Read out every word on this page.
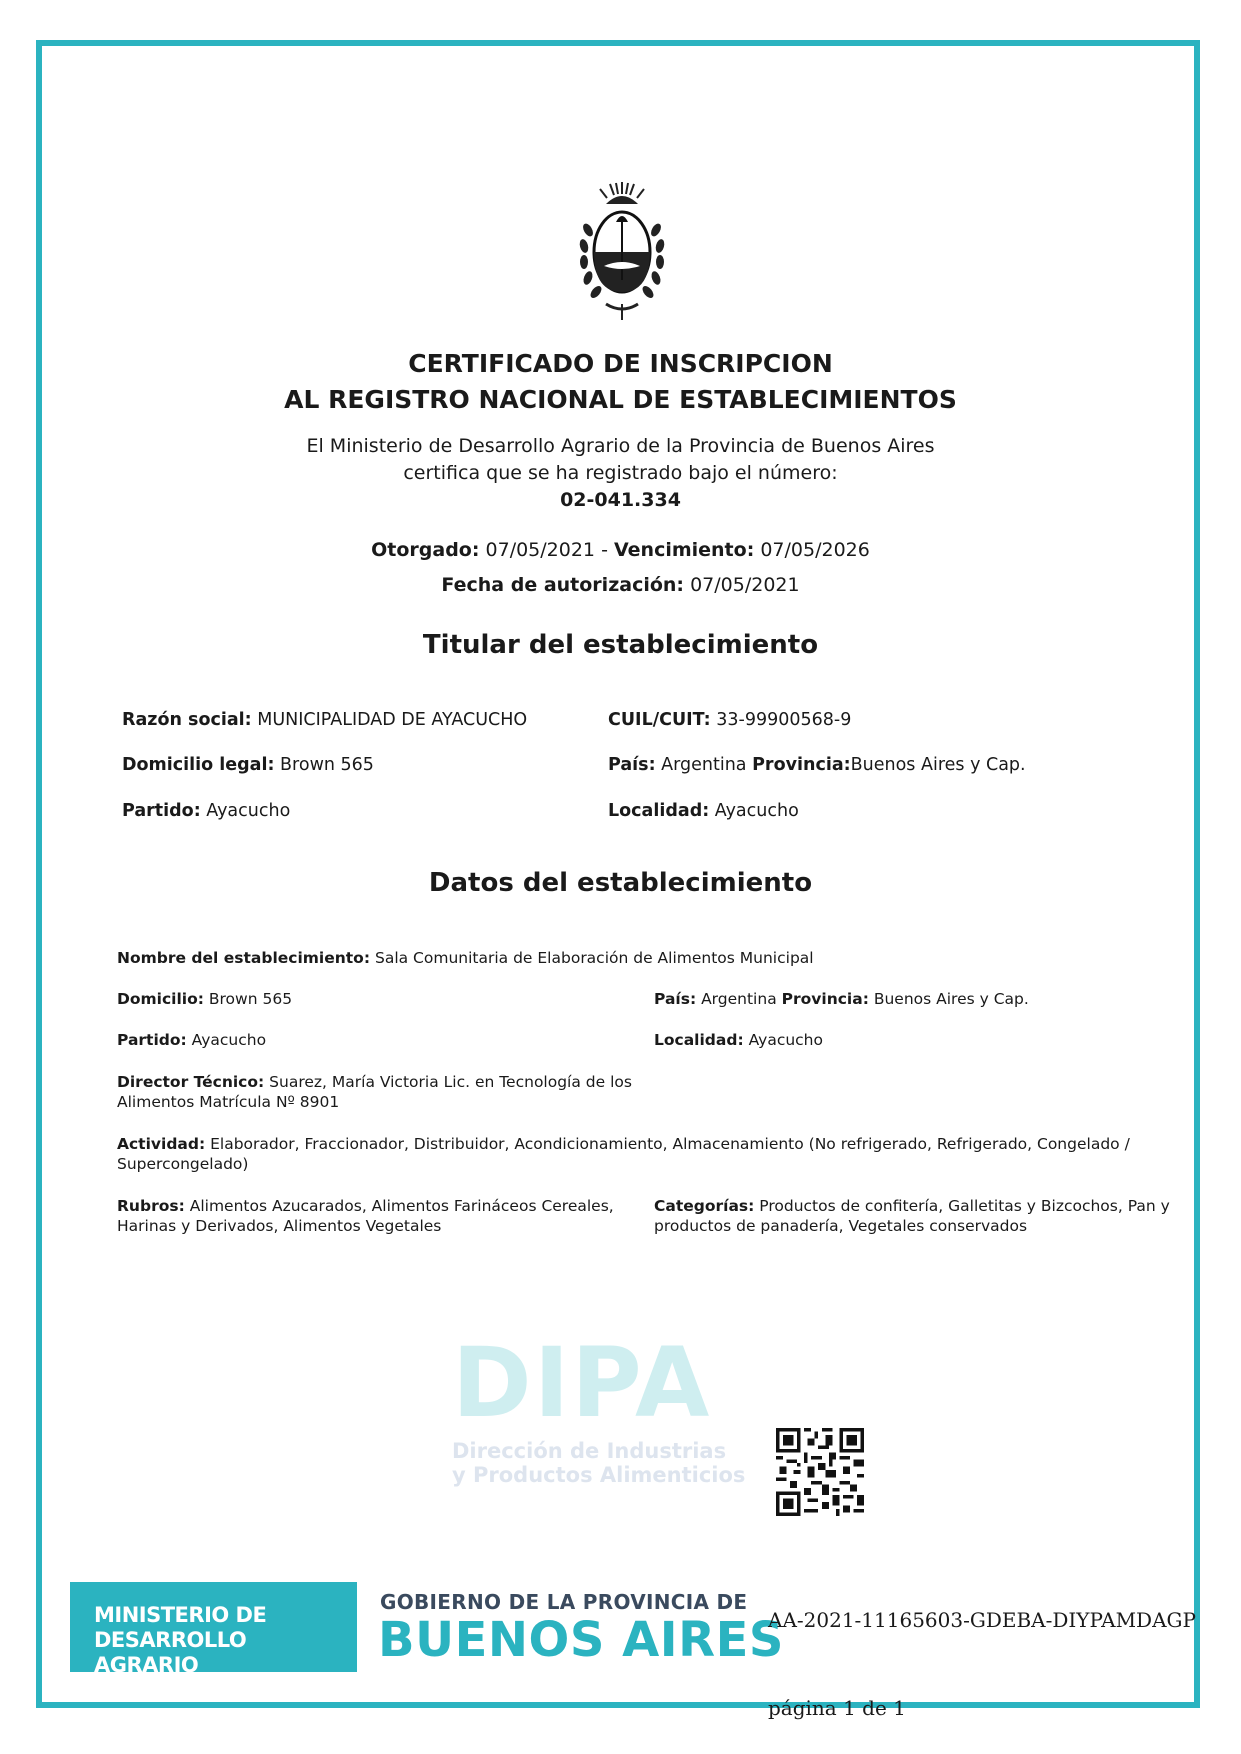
CERTIFICADO DE INSCRIPCION
AL REGISTRO NACIONAL DE ESTABLECIMIENTOS
El Ministerio de Desarrollo Agrario de la Provincia de Buenos Aires
certifica que se ha registrado bajo el número:
02-041.334
Otorgado: 07/05/2021 - Vencimiento: 07/05/2026
Fecha de autorización: 07/05/2021
Titular del establecimiento
Razón social: MUNICIPALIDAD DE AYACUCHO	CUIL/CUIT: 33-99900568-9
Domicilio legal: Brown 565	País: Argentina Provincia:Buenos Aires y Cap.
Partido: Ayacucho	Localidad: Ayacucho
Datos del establecimiento
Nombre del establecimiento: Sala Comunitaria de Elaboración de Alimentos Municipal
Domicilio: Brown 565	País: Argentina Provincia: Buenos Aires y Cap.
Partido: Ayacucho	Localidad: Ayacucho
Director Técnico: Suarez, María Victoria Lic. en Tecnología de los
Alimentos Matrícula Nº 8901
Actividad: Elaborador, Fraccionador, Distribuidor, Acondicionamiento, Almacenamiento (No refrigerado, Refrigerado, Congelado /
Supercongelado)
Rubros: Alimentos Azucarados, Alimentos Farináceos Cereales,
Harinas y Derivados, Alimentos Vegetales
Categorías: Productos de confitería, Galletitas y Bizcochos, Pan y
productos de panadería, Vegetales conservados
DIPA
Dirección de Industrias
y Productos Alimenticios
MINISTERIO DE
DESARROLLO AGRARIO
GOBIERNO DE LA PROVINCIA DE
BUENOS AIRES
AA-2021-11165603-GDEBA-DIYPAMDAGP
página 1 de 1
